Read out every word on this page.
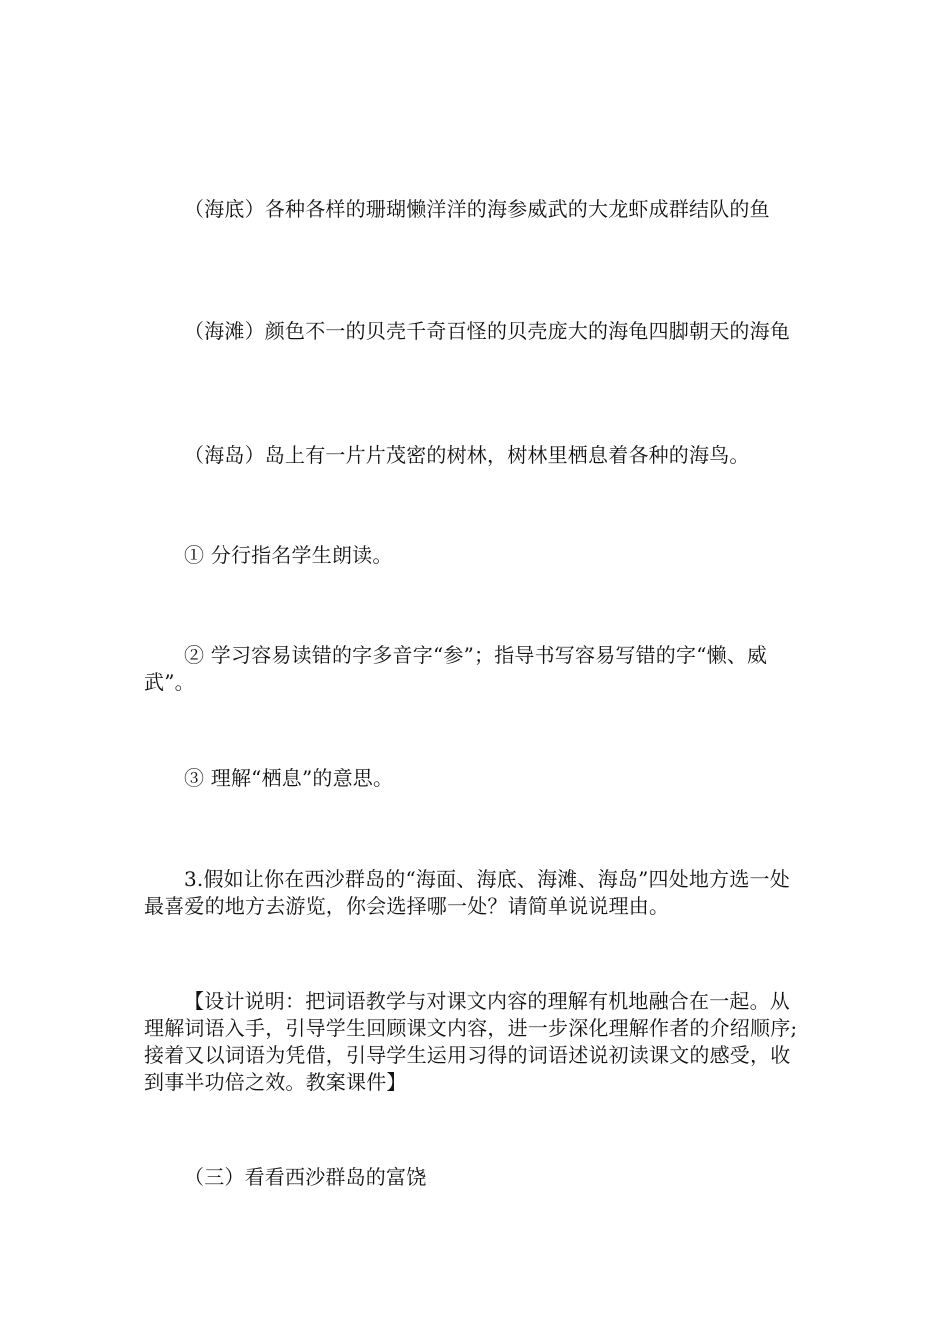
（海底）各种各样的珊瑚懒洋洋的海参威武的大龙虾成群结队的鱼

（海滩）颜色不一的贝壳千奇百怪的贝壳庞大的海龟四脚朝天的海龟

（海岛）岛上有一片片茂密的树林，树林里栖息着各种的海鸟。

① 分行指名学生朗读。

② 学习容易读错的字多音字“参”；指导书写容易写错的字“懒、威武”。

③ 理解“栖息”的意思。

3.假如让你在西沙群岛的“海面、海底、海滩、海岛”四处地方选一处最喜爱的地方去游览，你会选择哪一处？请简单说说理由。

【设计说明：把词语教学与对课文内容的理解有机地融合在一起。从理解词语入手，引导学生回顾课文内容，进一步深化理解作者的介绍顺序;接着又以词语为凭借，引导学生运用习得的词语述说初读课文的感受，收到事半功倍之效。教案课件】

（三）看看西沙群岛的富饶
